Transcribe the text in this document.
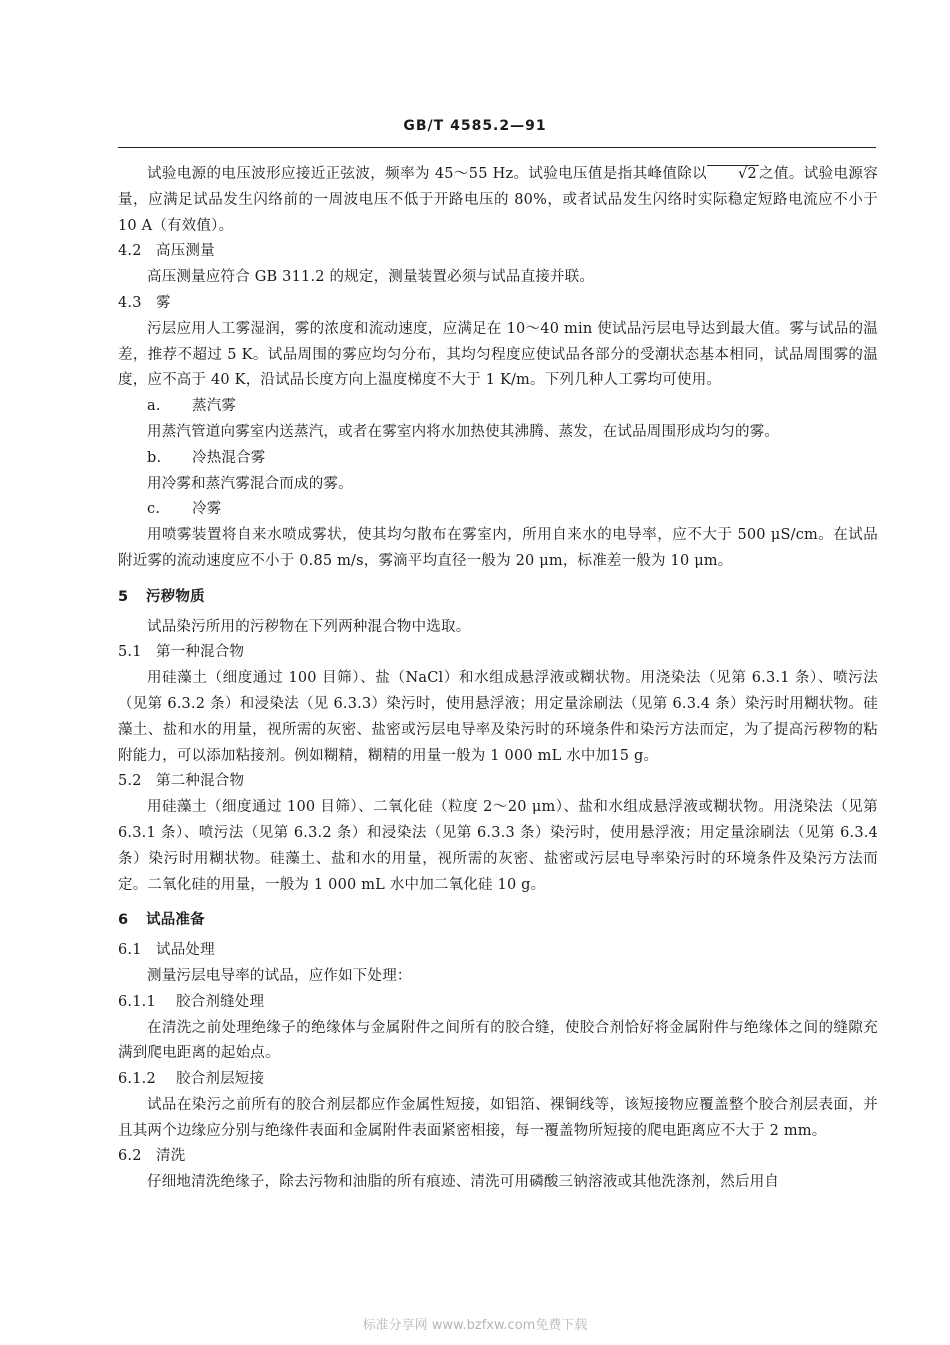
GB/T 4585.2—91

试验电源的电压波形应接近正弦波，频率为 45～55 Hz。试验电压值是指其峰值除以 √2 之值。试验电源容量，应满足试品发生闪络前的一周波电压不低于开路电压的 80%，或者试品发生闪络时实际稳定短路电流应不小于 10 A（有效值）。

4.2 高压测量

高压测量应符合 GB 311.2 的规定，测量装置必须与试品直接并联。

4.3 雾

污层应用人工雾湿润，雾的浓度和流动速度，应满足在 10～40 min 使试品污层电导达到最大值。雾与试品的温差，推荐不超过 5 K。试品周围的雾应均匀分布，其均匀程度应使试品各部分的受潮状态基本相同，试品周围雾的温度，应不高于 40 K，沿试品长度方向上温度梯度不大于 1 K/m。下列几种人工雾均可使用。

a. 蒸汽雾

用蒸汽管道向雾室内送蒸汽，或者在雾室内将水加热使其沸腾、蒸发，在试品周围形成均匀的雾。

b. 冷热混合雾

用冷雾和蒸汽雾混合而成的雾。

c. 冷雾

用喷雾装置将自来水喷成雾状，使其均匀散布在雾室内，所用自来水的电导率，应不大于 500 μS/cm。在试品附近雾的流动速度应不小于 0.85 m/s，雾滴平均直径一般为 20 μm，标准差一般为 10 μm。

5 污秽物质

试品染污所用的污秽物在下列两种混合物中选取。

5.1 第一种混合物

用硅藻土（细度通过 100 目筛）、盐（NaCl）和水组成悬浮液或糊状物。用浇染法（见第 6.3.1 条）、喷污法（见第 6.3.2 条）和浸染法（见 6.3.3）染污时，使用悬浮液；用定量涂刷法（见第 6.3.4 条）染污时用糊状物。硅藻土、盐和水的用量，视所需的灰密、盐密或污层电导率及染污时的环境条件和染污方法而定，为了提高污秽物的粘附能力，可以添加粘接剂。例如糊精，糊精的用量一般为 1 000 mL 水中加15 g。

5.2 第二种混合物

用硅藻土（细度通过 100 目筛）、二氧化硅（粒度 2～20 μm）、盐和水组成悬浮液或糊状物。用浇染法（见第 6.3.1 条）、喷污法（见第 6.3.2 条）和浸染法（见第 6.3.3 条）染污时，使用悬浮液；用定量涂刷法（见第 6.3.4 条）染污时用糊状物。硅藻土、盐和水的用量，视所需的灰密、盐密或污层电导率染污时的环境条件及染污方法而定。二氧化硅的用量，一般为 1 000 mL 水中加二氧化硅 10 g。

6 试品准备

6.1 试品处理

测量污层电导率的试品，应作如下处理：

6.1.1 胶合剂缝处理

在清洗之前处理绝缘子的绝缘体与金属附件之间所有的胶合缝，使胶合剂恰好将金属附件与绝缘体之间的缝隙充满到爬电距离的起始点。

6.1.2 胶合剂层短接

试品在染污之前所有的胶合剂层都应作金属性短接，如铝箔、裸铜线等，该短接物应覆盖整个胶合剂层表面，并且其两个边缘应分别与绝缘件表面和金属附件表面紧密相接，每一覆盖物所短接的爬电距离应不大于 2 mm。

6.2 清洗

仔细地清洗绝缘子，除去污物和油脂的所有痕迹、清洗可用磷酸三钠溶液或其他洗涤剂，然后用自

标准分享网 www.bzfxw.com免费下载
